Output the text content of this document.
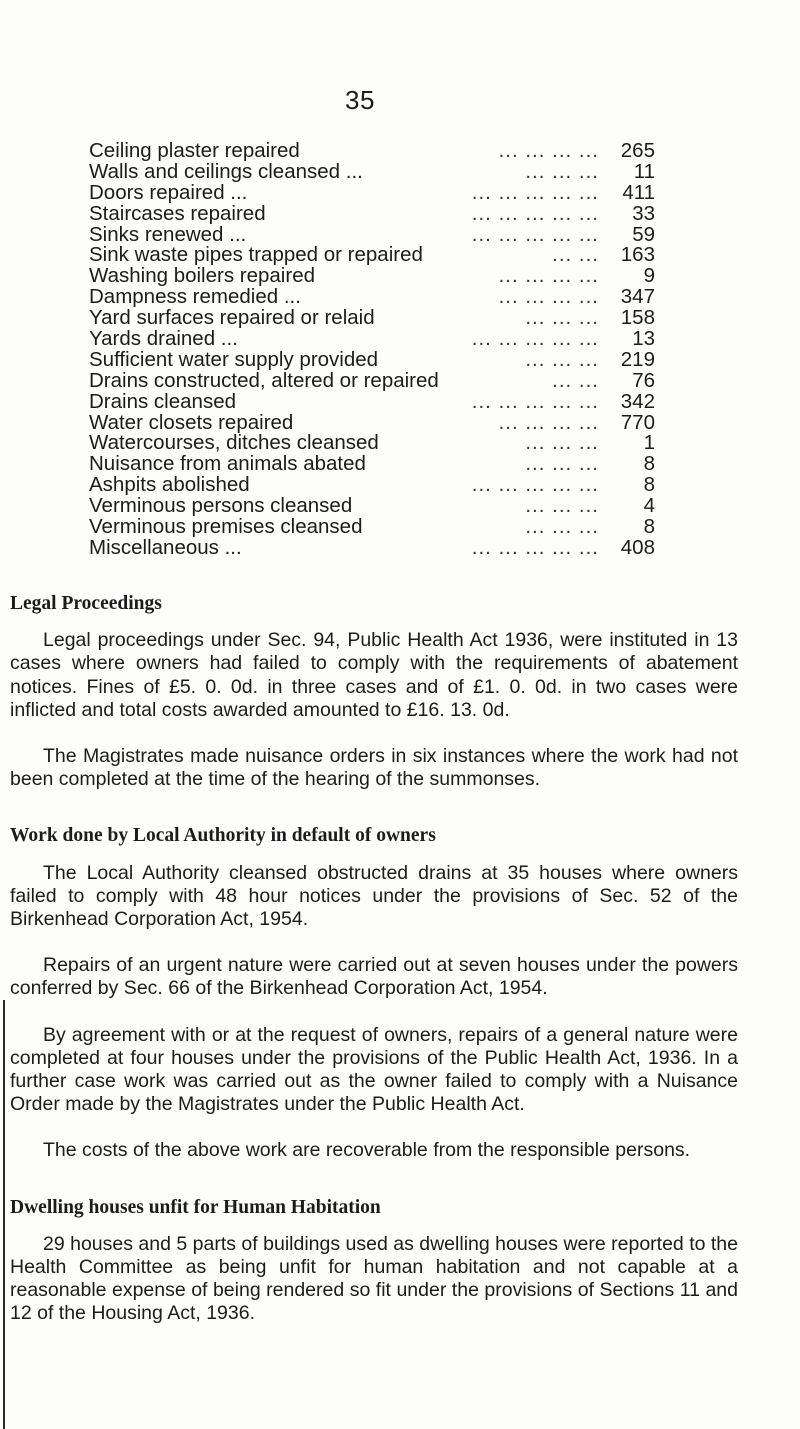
35
Ceiling plaster repaired	... ... ... ... 265
Walls and ceilings cleansed ...	... ... ... 11
Doors repaired ...	... ... ... ... ... 411
Staircases repaired	... ... ... ... ... 33
Sinks renewed ...	... ... ... ... ... 59
Sink waste pipes trapped or repaired	... ... 163
Washing boilers repaired	... ... ... ... 9
Dampness remedied ...	... ... ... ... 347
Yard surfaces repaired or relaid	... ... ... 158
Yards drained ...	... ... ... ... ... 13
Sufficient water supply provided	... ... ... 219
Drains constructed, altered or repaired	... ... 76
Drains cleansed	... ... ... ... ... 342
Water closets repaired	... ... ... ... 770
Watercourses, ditches cleansed	... ... ... 1
Nuisance from animals abated	... ... ... 8
Ashpits abolished	... ... ... ... ... 8
Verminous persons cleansed	... ... ... 4
Verminous premises cleansed	... ... ... 8
Miscellaneous ...	... ... ... ... ... 408
Legal Proceedings

Legal proceedings under Sec. 94, Public Health Act 1936, were instituted in 13 cases where owners had failed to comply with the requirements of abatement notices. Fines of £5. 0. 0d. in three cases and of £1. 0. 0d. in two cases were inflicted and total costs awarded amounted to £16. 13. 0d.

The Magistrates made nuisance orders in six instances where the work had not been completed at the time of the hearing of the summonses.

Work done by Local Authority in default of owners

The Local Authority cleansed obstructed drains at 35 houses where owners failed to comply with 48 hour notices under the provisions of Sec. 52 of the Birkenhead Corporation Act, 1954.

Repairs of an urgent nature were carried out at seven houses under the powers conferred by Sec. 66 of the Birkenhead Corporation Act, 1954.

By agreement with or at the request of owners, repairs of a general nature were completed at four houses under the provisions of the Public Health Act, 1936. In a further case work was carried out as the owner failed to comply with a Nuisance Order made by the Magistrates under the Public Health Act.

The costs of the above work are recoverable from the responsible persons.

Dwelling houses unfit for Human Habitation

29 houses and 5 parts of buildings used as dwelling houses were reported to the Health Committee as being unfit for human habitation and not capable at a reasonable expense of being rendered so fit under the provisions of Sections 11 and 12 of the Housing Act, 1936.
